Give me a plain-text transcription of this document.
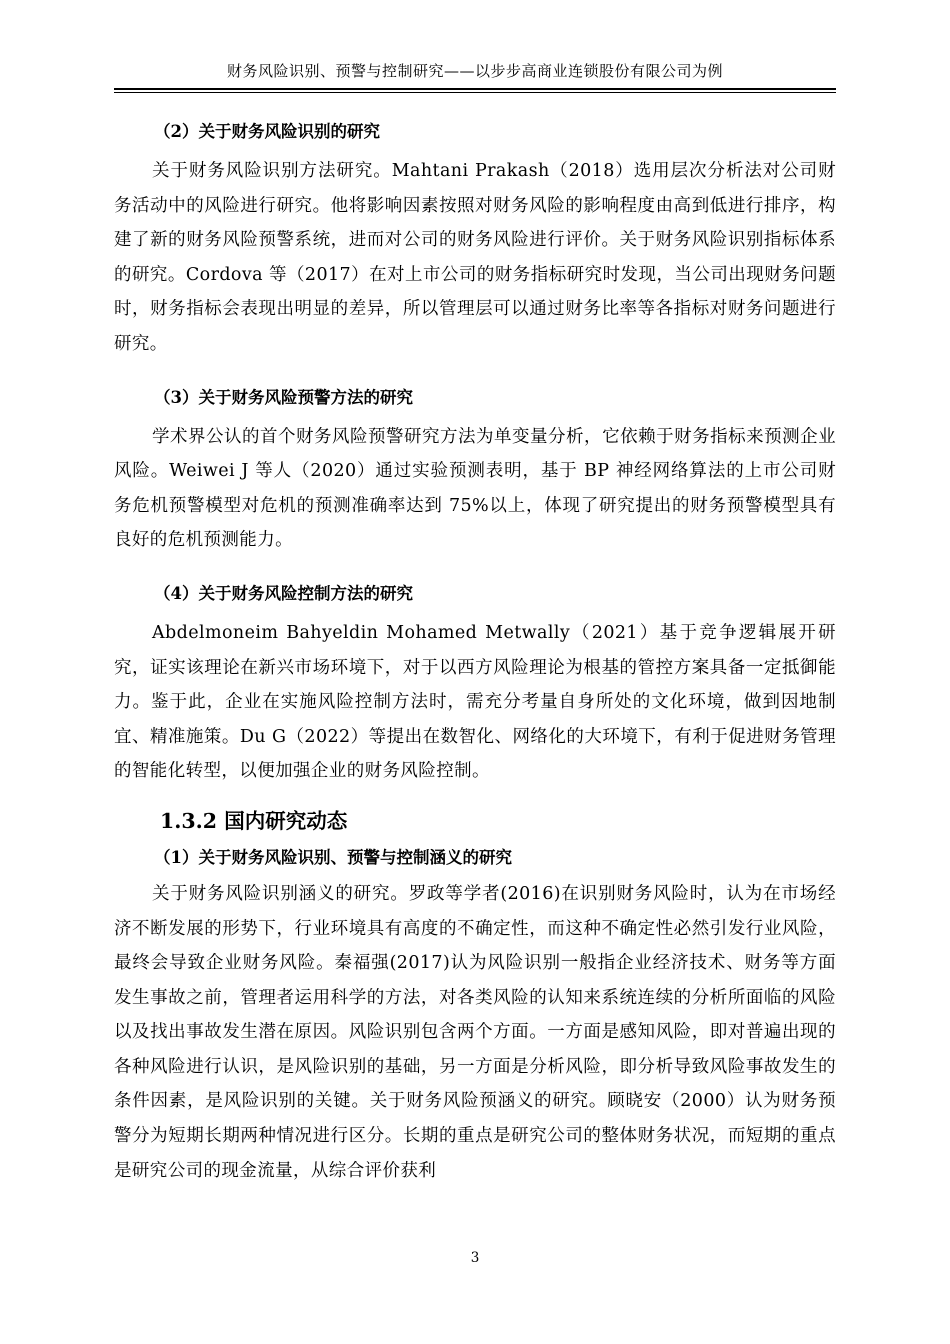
财务风险识别、预警与控制研究——以步步高商业连锁股份有限公司为例
（2）关于财务风险识别的研究

关于财务风险识别方法研究。Mahtani Prakash（2018）选用层次分析法对公司财务活动中的风险进行研究。他将影响因素按照对财务风险的影响程度由高到低进行排序，构建了新的财务风险预警系统，进而对公司的财务风险进行评价。关于财务风险识别指标体系的研究。Cordova 等（2017）在对上市公司的财务指标研究时发现，当公司出现财务问题时，财务指标会表现出明显的差异，所以管理层可以通过财务比率等各指标对财务问题进行研究。

（3）关于财务风险预警方法的研究

学术界公认的首个财务风险预警研究方法为单变量分析，它依赖于财务指标来预测企业风险。Weiwei J 等人（2020）通过实验预测表明，基于 BP 神经网络算法的上市公司财务危机预警模型对危机的预测准确率达到 75%以上，体现了研究提出的财务预警模型具有良好的危机预测能力。

（4）关于财务风险控制方法的研究

Abdelmoneim Bahyeldin Mohamed Metwally（2021）基于竞争逻辑展开研究，证实该理论在新兴市场环境下，对于以西方风险理论为根基的管控方案具备一定抵御能力。鉴于此，企业在实施风险控制方法时，需充分考量自身所处的文化环境，做到因地制宜、精准施策。Du G（2022）等提出在数智化、网络化的大环境下，有利于促进财务管理的智能化转型，以便加强企业的财务风险控制。

1.3.2 国内研究动态
（1）关于财务风险识别、预警与控制涵义的研究

关于财务风险识别涵义的研究。罗政等学者(2016)在识别财务风险时，认为在市场经济不断发展的形势下，行业环境具有高度的不确定性，而这种不确定性必然引发行业风险，最终会导致企业财务风险。秦福强(2017)认为风险识别一般指企业经济技术、财务等方面发生事故之前，管理者运用科学的方法，对各类风险的认知来系统连续的分析所面临的风险以及找出事故发生潜在原因。风险识别包含两个方面。一方面是感知风险，即对普遍出现的各种风险进行认识，是风险识别的基础，另一方面是分析风险，即分析导致风险事故发生的条件因素，是风险识别的关键。关于财务风险预涵义的研究。顾晓安（2000）认为财务预警分为短期长期两种情况进行区分。长期的重点是研究公司的整体财务状况，而短期的重点是研究公司的现金流量，从综合评价获利

3
